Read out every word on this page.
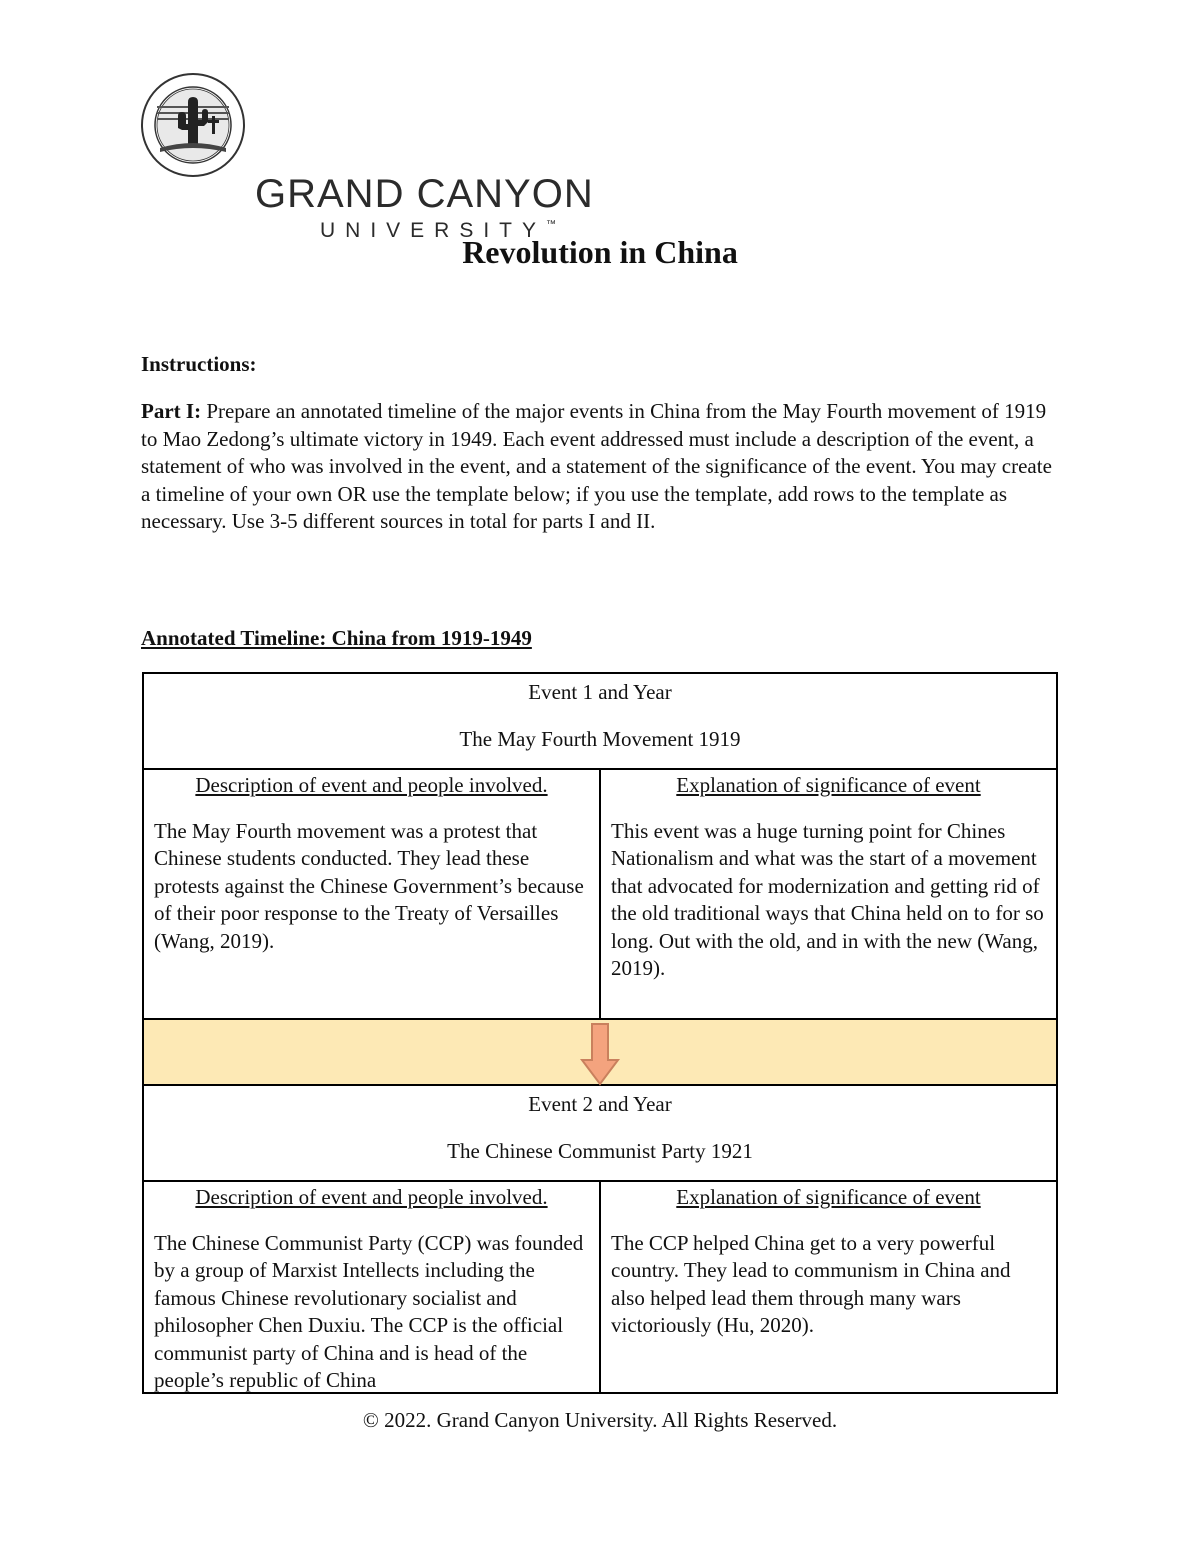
GRAND CANYON
UNIVERSITY™
Revolution in China
Instructions:
Part I: Prepare an annotated timeline of the major events in China from the May Fourth movement of 1919 to Mao Zedong’s ultimate victory in 1949. Each event addressed must include a description of the event, a statement of who was involved in the event, and a statement of the significance of the event. You may create a timeline of your own OR use the template below; if you use the template, add rows to the template as necessary. Use 3-5 different sources in total for parts I and II.
Annotated Timeline: China from 1919-1949
Event 1 and Year
The May Fourth Movement 1919
Description of event and people involved.
The May Fourth movement was a protest that Chinese students conducted. They lead these protests against the Chinese Government’s because of their poor response to the Treaty of Versailles (Wang, 2019).
Explanation of significance of event
This event was a huge turning point for Chines Nationalism and what was the start of a movement that advocated for modernization and getting rid of the old traditional ways that China held on to for so long. Out with the old, and in with the new (Wang, 2019).
Event 2 and Year
The Chinese Communist Party 1921
Description of event and people involved.
The Chinese Communist Party (CCP) was founded by a group of Marxist Intellects including the famous Chinese revolutionary socialist and philosopher Chen Duxiu. The CCP is the official communist party of China and is head of the people’s republic of China
Explanation of significance of event
The CCP helped China get to a very powerful country. They lead to communism in China and also helped lead them through many wars victoriously (Hu, 2020).
© 2022. Grand Canyon University. All Rights Reserved.
